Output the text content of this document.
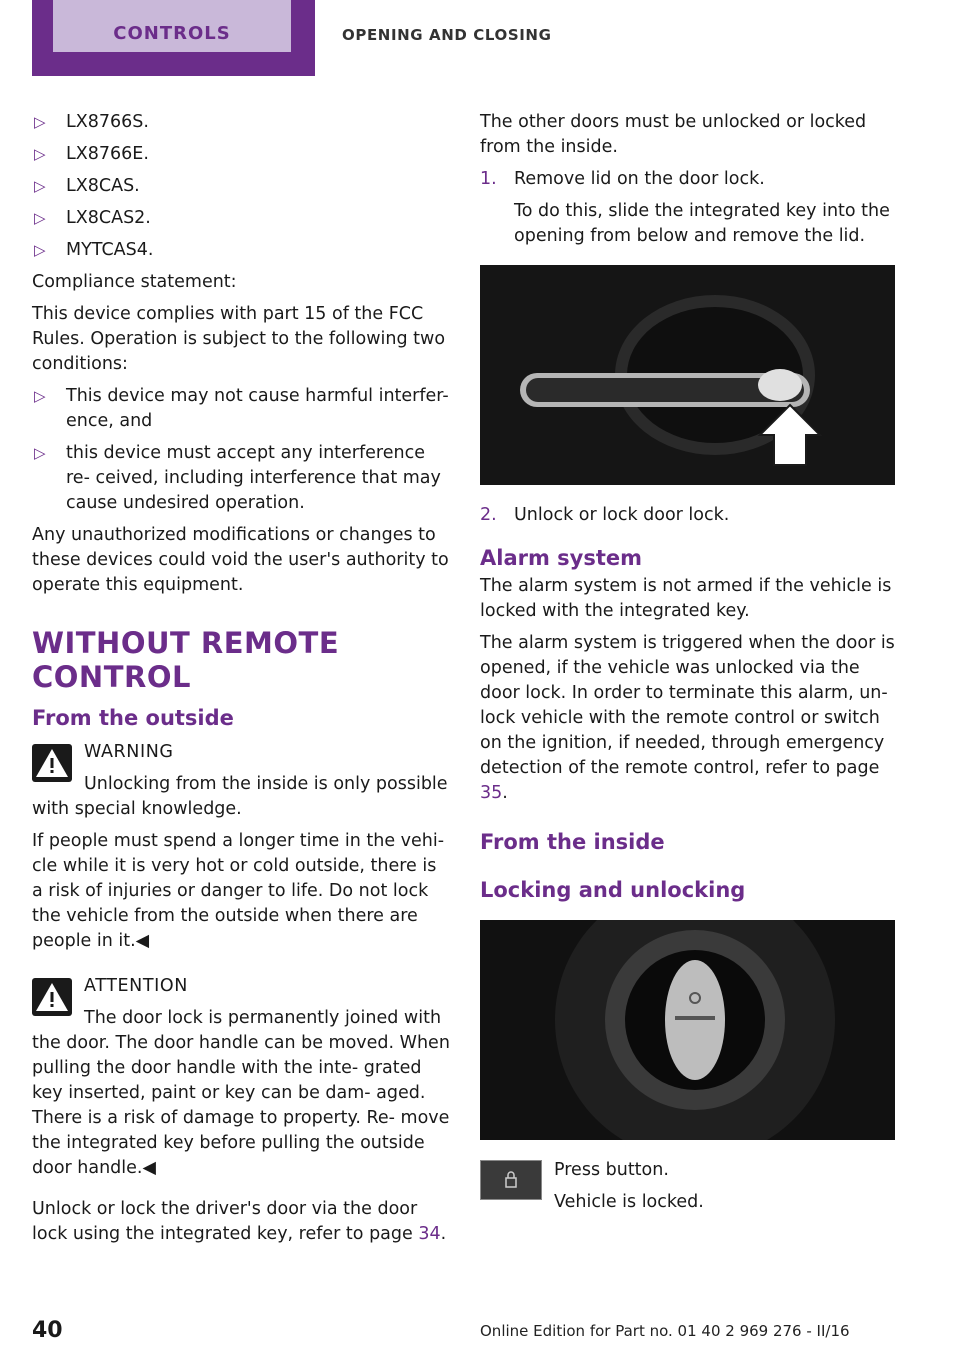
CONTROLS	OPENING AND CLOSING
▷ LX8766S.
▷ LX8766E.
▷ LX8CAS.
▷ LX8CAS2.
▷ MYTCAS4.

Compliance statement:

This device complies with part 15 of the FCC Rules. Operation is subject to the following two conditions:

▷ This device may not cause harmful interfer- ence, and
▷ this device must accept any interference re- ceived, including interference that may cause undesired operation.

Any unauthorized modifications or changes to these devices could void the user's authority to operate this equipment.

WITHOUT REMOTE CONTROL
From the outside

WARNING

Unlocking from the inside is only possible with special knowledge.

If people must spend a longer time in the vehi- cle while it is very hot or cold outside, there is a risk of injuries or danger to life. Do not lock the vehicle from the outside when there are people in it.◀

ATTENTION

The door lock is permanently joined with the door. The door handle can be moved. When pulling the door handle with the inte- grated key inserted, paint or key can be dam- aged. There is a risk of damage to property. Re- move the integrated key before pulling the outside door handle.◀

Unlock or lock the driver's door via the door lock using the integrated key, refer to page 34.

The other doors must be unlocked or locked from the inside.

1. Remove lid on the door lock.
To do this, slide the integrated key into the opening from below and remove the lid.
2. Unlock or lock door lock.
Alarm system

The alarm system is not armed if the vehicle is locked with the integrated key.

The alarm system is triggered when the door is opened, if the vehicle was unlocked via the door lock. In order to terminate this alarm, un- lock vehicle with the remote control or switch on the ignition, if needed, through emergency detection of the remote control, refer to page 35.

From the inside
Locking and unlocking

Press button.

Vehicle is locked.

40	Online Edition for Part no. 01 40 2 969 276 - II/16
